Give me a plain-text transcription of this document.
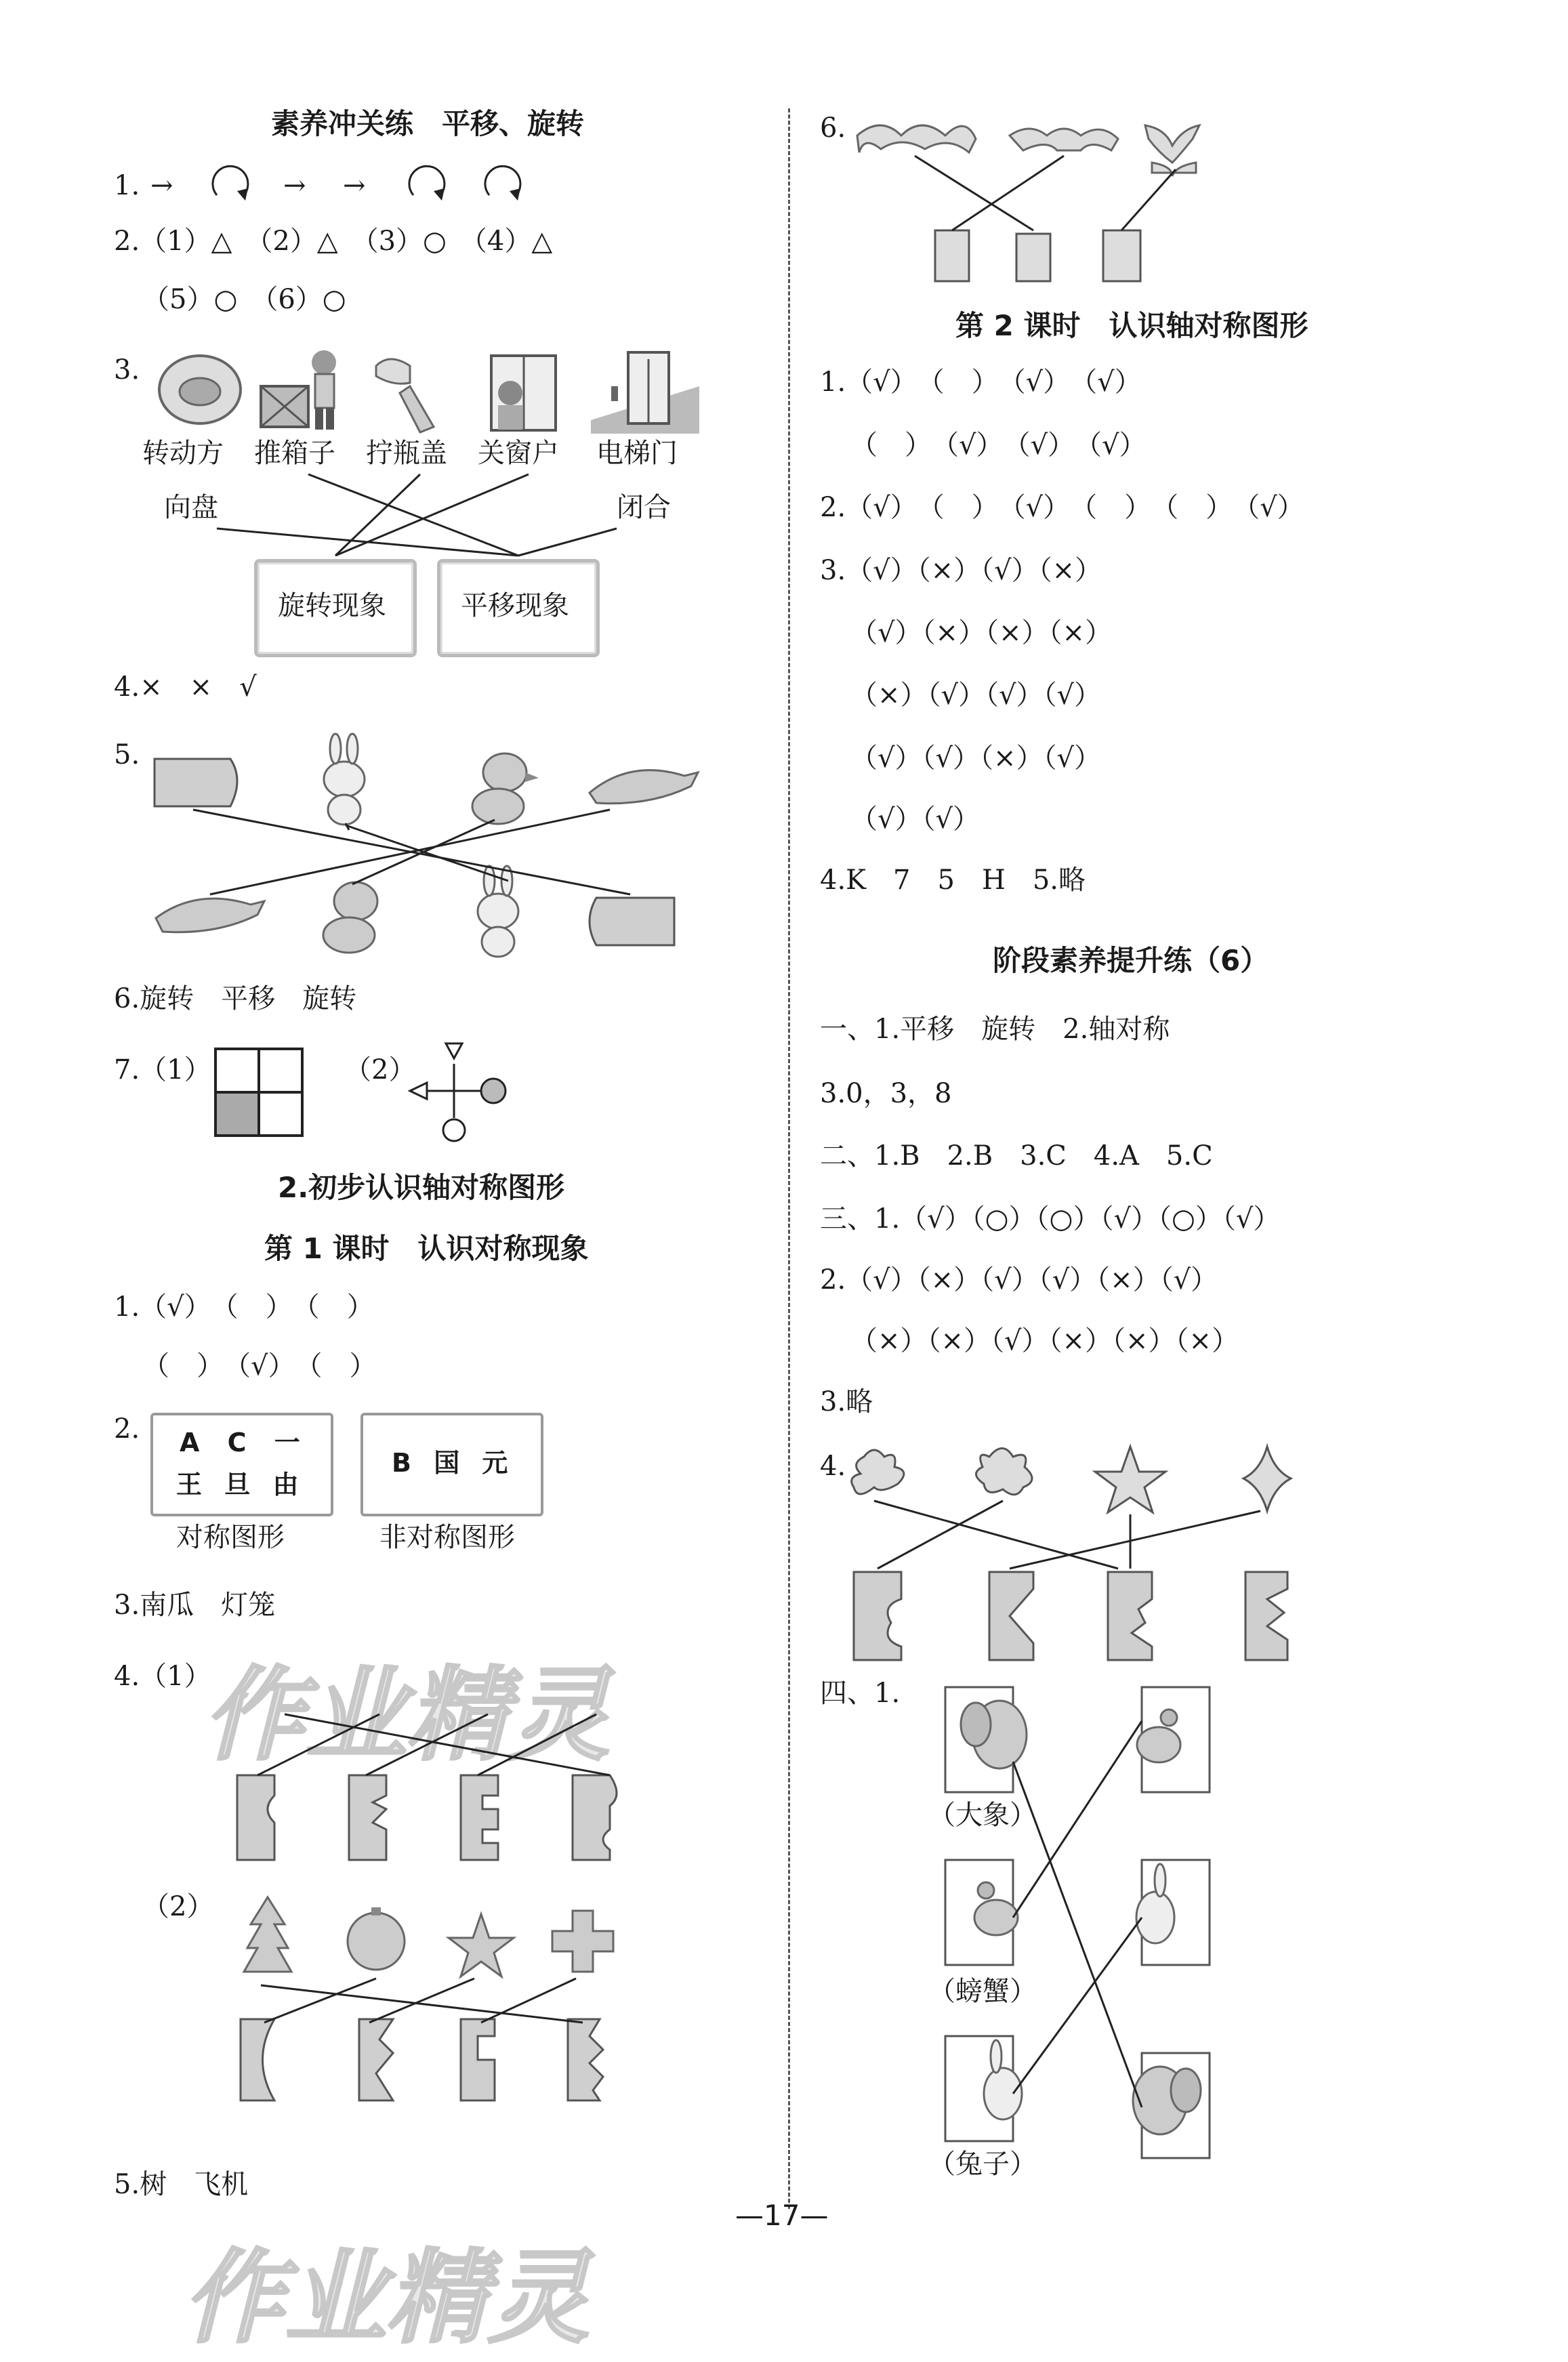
素养冲关练　平移、旋转
1. →	→ →
2.（1）△　（2）△　（3）○　（4）△
（5）○　（6）○
3.
转动方 推箱子 拧瓶盖 关窗户 电梯门
向盘	闭合
旋转现象	平移现象
4.×　×　√
5.
6.旋转　平移　旋转
7.（1）	（2）
2.初步认识轴对称图形
第 1 课时　认识对称现象
1.（√）　（　）　（　）
（　）　（√）　（　）
2. A C 一
王 旦 由
B 国 元
对称图形	非对称图形
3.南瓜　灯笼
4.（1）
作业精灵
（2）
5.树　飞机
作业精灵
6.
第 2 课时　认识轴对称图形
1.（√）　（　）　（√）　（√）
（　）　（√）　（√）　（√）
2.（√）　（　）　（√）　（　）　（　）　（√）
3.（√）（×）（√）（×）
（√）（×）（×）（×）
（×）（√）（√）（√）
（√）（√）（×）（√）
（√）（√）
4.K　7　5　H　5.略
阶段素养提升练（6）
一、1.平移　旋转　2.轴对称
3.0，3，8
二、1.B　2.B　3.C　4.A　5.C
三、1.（√）（○）（○）（√）（○）（√）
2.（√）（×）（√）（√）（×）（√）
（×）（×）（√）（×）（×）（×）
3.略
4.
四、1.
（大象）
（螃蟹）
（兔子）
—17—
